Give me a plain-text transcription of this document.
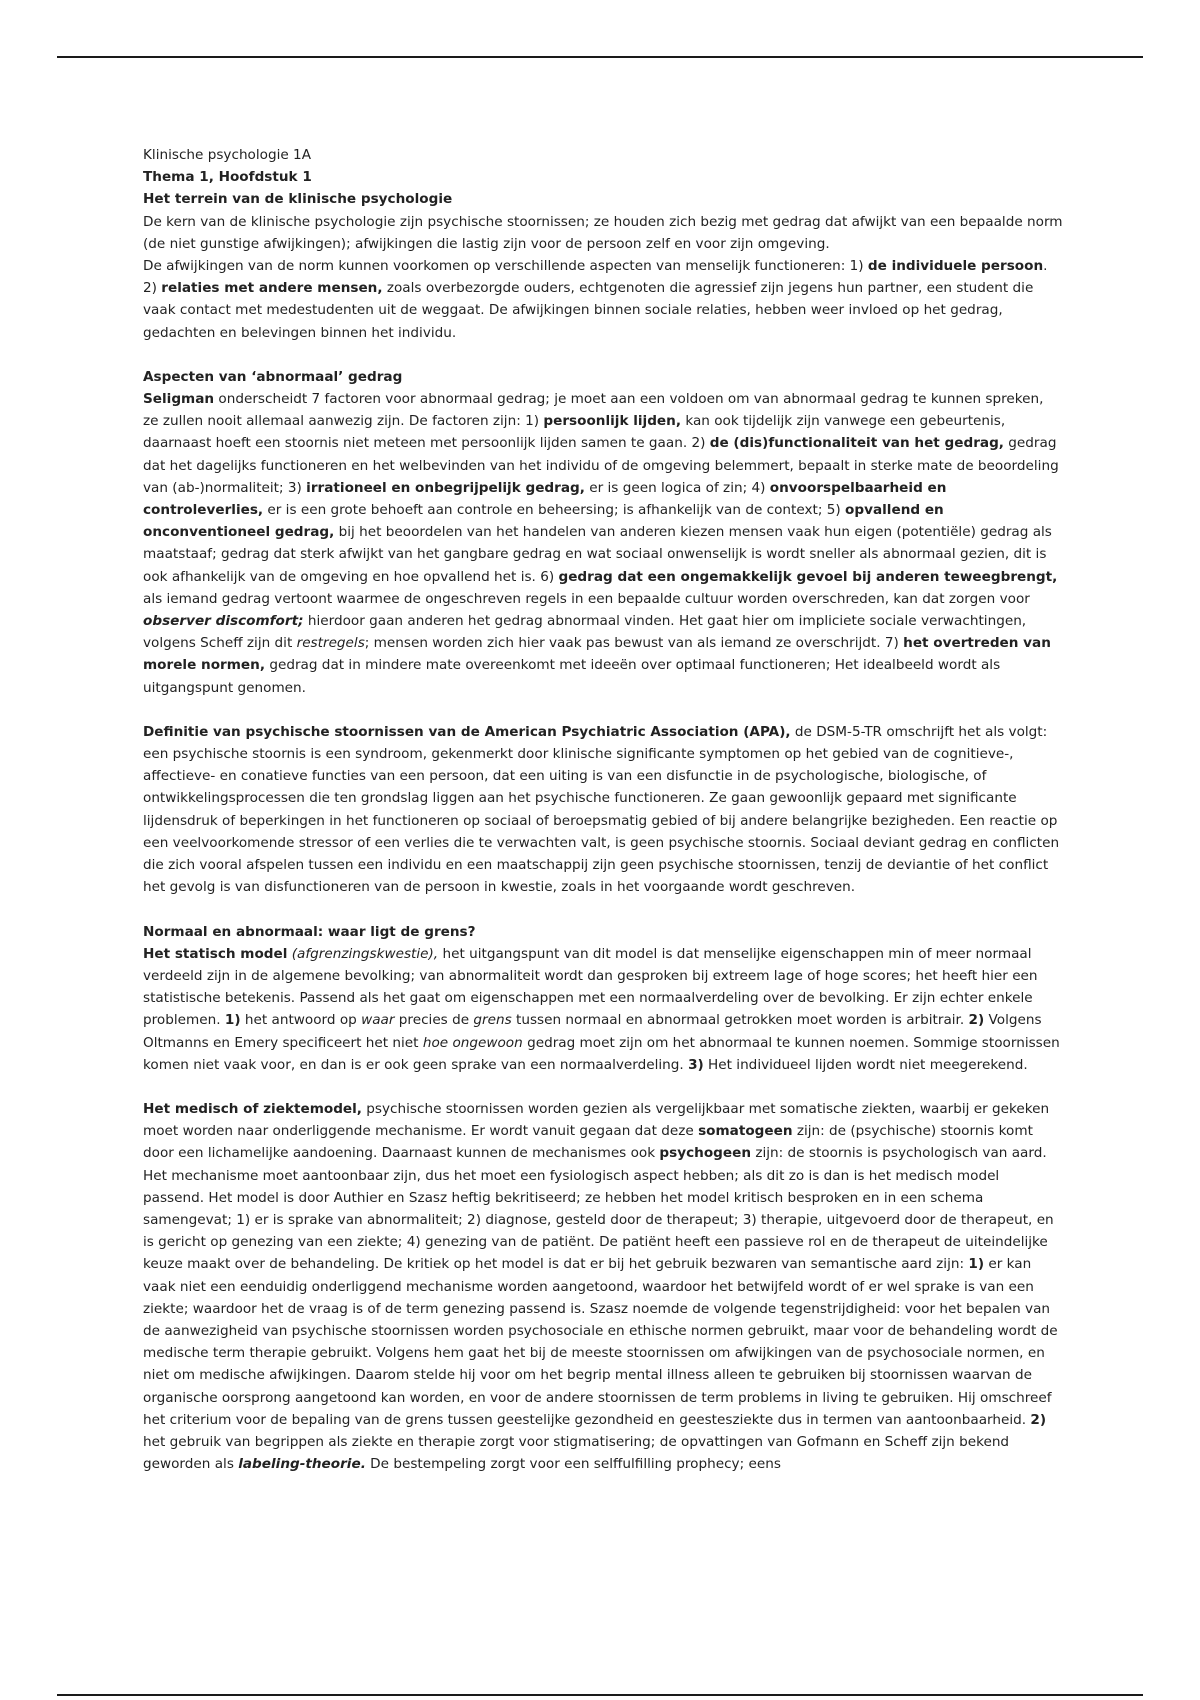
Klinische psychologie 1A

Thema 1, Hoofdstuk 1

Het terrein van de klinische psychologie

De kern van de klinische psychologie zijn psychische stoornissen; ze houden zich bezig met gedrag dat afwijkt van een bepaalde norm (de niet gunstige afwijkingen); afwijkingen die lastig zijn voor de persoon zelf en voor zijn omgeving.

De afwijkingen van de norm kunnen voorkomen op verschillende aspecten van menselijk functioneren: 1) de individuele persoon. 2) relaties met andere mensen, zoals overbezorgde ouders, echtgenoten die agressief zijn jegens hun partner, een student die vaak contact met medestudenten uit de weggaat. De afwijkingen binnen sociale relaties, hebben weer invloed op het gedrag, gedachten en belevingen binnen het individu.

Aspecten van ‘abnormaal’ gedrag

Seligman onderscheidt 7 factoren voor abnormaal gedrag; je moet aan een voldoen om van abnormaal gedrag te kunnen spreken, ze zullen nooit allemaal aanwezig zijn. De factoren zijn: 1) persoonlijk lijden, kan ook tijdelijk zijn vanwege een gebeurtenis, daarnaast hoeft een stoornis niet meteen met persoonlijk lijden samen te gaan. 2) de (dis)functionaliteit van het gedrag, gedrag dat het dagelijks functioneren en het welbevinden van het individu of de omgeving belemmert, bepaalt in sterke mate de beoordeling van (ab-)normaliteit; 3) irrationeel en onbegrijpelijk gedrag, er is geen logica of zin; 4) onvoorspelbaarheid en controleverlies, er is een grote behoeft aan controle en beheersing; is afhankelijk van de context; 5) opvallend en onconventioneel gedrag, bij het beoordelen van het handelen van anderen kiezen mensen vaak hun eigen (potentiële) gedrag als maatstaaf; gedrag dat sterk afwijkt van het gangbare gedrag en wat sociaal onwenselijk is wordt sneller als abnormaal gezien, dit is ook afhankelijk van de omgeving en hoe opvallend het is. 6) gedrag dat een ongemakkelijk gevoel bij anderen teweegbrengt, als iemand gedrag vertoont waarmee de ongeschreven regels in een bepaalde cultuur worden overschreden, kan dat zorgen voor observer discomfort; hierdoor gaan anderen het gedrag abnormaal vinden. Het gaat hier om impliciete sociale verwachtingen, volgens Scheff zijn dit restregels; mensen worden zich hier vaak pas bewust van als iemand ze overschrijdt. 7) het overtreden van morele normen, gedrag dat in mindere mate overeenkomt met ideeën over optimaal functioneren; Het idealbeeld wordt als uitgangspunt genomen.

Definitie van psychische stoornissen van de American Psychiatric Association (APA), de DSM-5-TR omschrijft het als volgt: een psychische stoornis is een syndroom, gekenmerkt door klinische significante symptomen op het gebied van de cognitieve-, affectieve- en conatieve functies van een persoon, dat een uiting is van een disfunctie in de psychologische, biologische, of ontwikkelingsprocessen die ten grondslag liggen aan het psychische functioneren. Ze gaan gewoonlijk gepaard met significante lijdensdruk of beperkingen in het functioneren op sociaal of beroepsmatig gebied of bij andere belangrijke bezigheden. Een reactie op een veelvoorkomende stressor of een verlies die te verwachten valt, is geen psychische stoornis. Sociaal deviant gedrag en conflicten die zich vooral afspelen tussen een individu en een maatschappij zijn geen psychische stoornissen, tenzij de deviantie of het conflict het gevolg is van disfunctioneren van de persoon in kwestie, zoals in het voorgaande wordt geschreven.

Normaal en abnormaal: waar ligt de grens?

Het statisch model (afgrenzingskwestie), het uitgangspunt van dit model is dat menselijke eigenschappen min of meer normaal verdeeld zijn in de algemene bevolking; van abnormaliteit wordt dan gesproken bij extreem lage of hoge scores; het heeft hier een statistische betekenis. Passend als het gaat om eigenschappen met een normaalverdeling over de bevolking. Er zijn echter enkele problemen. 1) het antwoord op waar precies de grens tussen normaal en abnormaal getrokken moet worden is arbitrair. 2) Volgens Oltmanns en Emery specificeert het niet hoe ongewoon gedrag moet zijn om het abnormaal te kunnen noemen. Sommige stoornissen komen niet vaak voor, en dan is er ook geen sprake van een normaalverdeling. 3) Het individueel lijden wordt niet meegerekend.

Het medisch of ziektemodel, psychische stoornissen worden gezien als vergelijkbaar met somatische ziekten, waarbij er gekeken moet worden naar onderliggende mechanisme. Er wordt vanuit gegaan dat deze somatogeen zijn: de (psychische) stoornis komt door een lichamelijke aandoening. Daarnaast kunnen de mechanismes ook psychogeen zijn: de stoornis is psychologisch van aard. Het mechanisme moet aantoonbaar zijn, dus het moet een fysiologisch aspect hebben; als dit zo is dan is het medisch model passend. Het model is door Authier en Szasz heftig bekritiseerd; ze hebben het model kritisch besproken en in een schema samengevat; 1) er is sprake van abnormaliteit; 2) diagnose, gesteld door de therapeut; 3) therapie, uitgevoerd door de therapeut, en is gericht op genezing van een ziekte; 4) genezing van de patiënt. De patiënt heeft een passieve rol en de therapeut de uiteindelijke keuze maakt over de behandeling. De kritiek op het model is dat er bij het gebruik bezwaren van semantische aard zijn: 1) er kan vaak niet een eenduidig onderliggend mechanisme worden aangetoond, waardoor het betwijfeld wordt of er wel sprake is van een ziekte; waardoor het de vraag is of de term genezing passend is. Szasz noemde de volgende tegenstrijdigheid: voor het bepalen van de aanwezigheid van psychische stoornissen worden psychosociale en ethische normen gebruikt, maar voor de behandeling wordt de medische term therapie gebruikt. Volgens hem gaat het bij de meeste stoornissen om afwijkingen van de psychosociale normen, en niet om medische afwijkingen. Daarom stelde hij voor om het begrip mental illness alleen te gebruiken bij stoornissen waarvan de organische oorsprong aangetoond kan worden, en voor de andere stoornissen de term problems in living te gebruiken. Hij omschreef het criterium voor de bepaling van de grens tussen geestelijke gezondheid en geestesziekte dus in termen van aantoonbaarheid. 2) het gebruik van begrippen als ziekte en therapie zorgt voor stigmatisering; de opvattingen van Gofmann en Scheff zijn bekend geworden als labeling-theorie. De bestempeling zorgt voor een selffulfilling prophecy; eens
